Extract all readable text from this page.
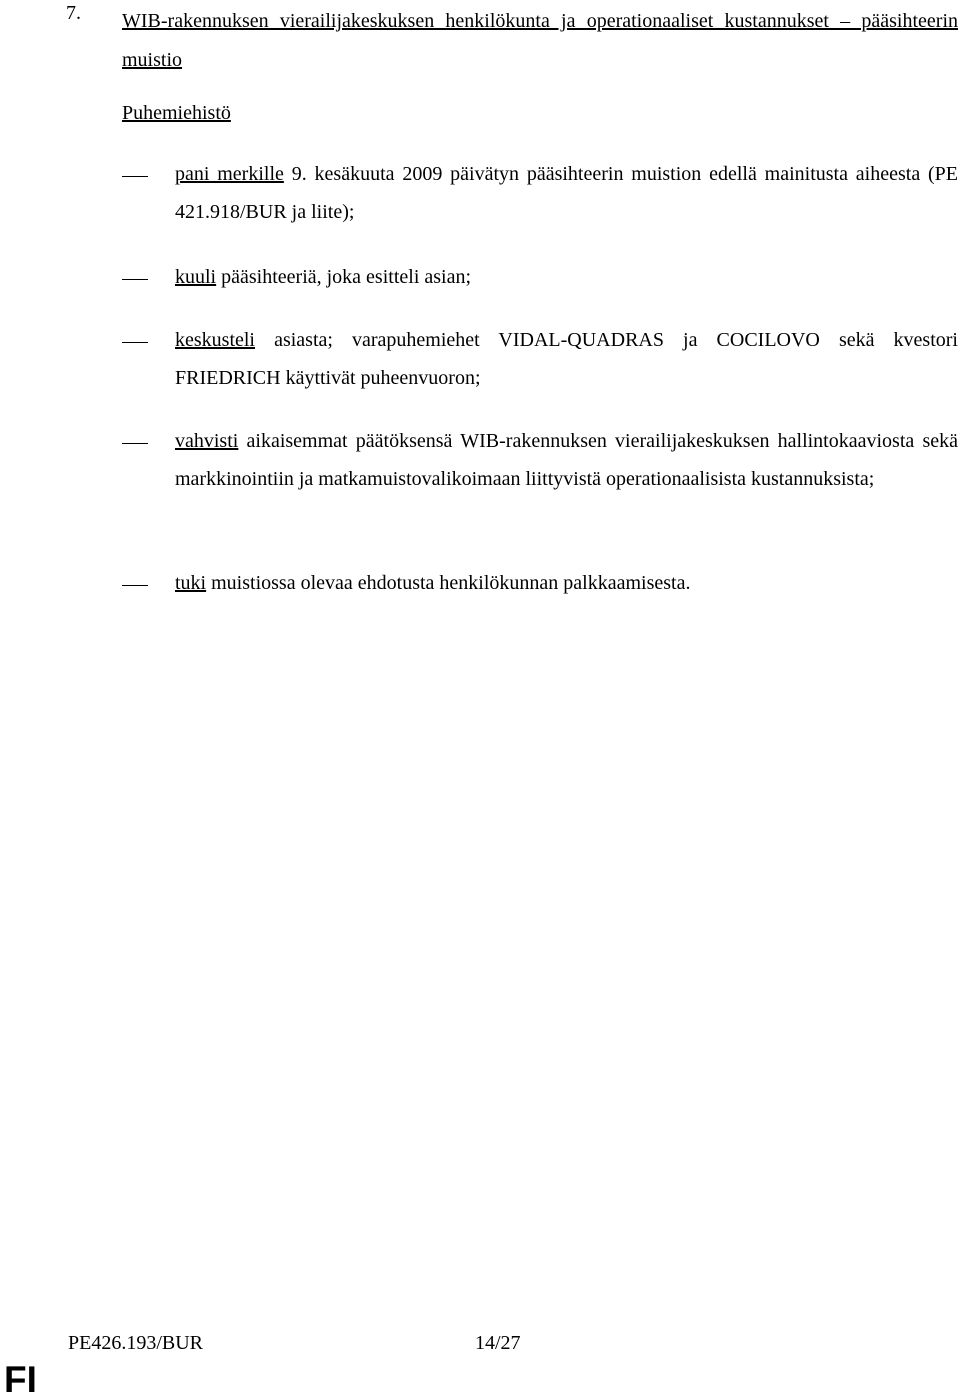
7. WIB-rakennuksen vierailijakeskuksen henkilökunta ja operationaaliset kustannukset – pääsihteerin muistio
Puhemiehistö
pani merkille 9. kesäkuuta 2009 päivätyn pääsihteerin muistion edellä mainitusta aiheesta (PE 421.918/BUR ja liite);
kuuli pääsihteeriä, joka esitteli asian;
keskusteli asiasta; varapuhemiehet VIDAL-QUADRAS ja COCILOVO sekä kvestori FRIEDRICH käyttivät puheenvuoron;
vahvisti aikaisemmat päätöksensä WIB-rakennuksen vierailijakeskuksen hallintokaaviosta sekä markkinointiin ja matkamuistovalikoimaan liittyvistä operationaalisista kustannuksista;
tuki muistiossa olevaa ehdotusta henkilökunnan palkkaamisesta.
PE426.193/BUR	14/27
FI
